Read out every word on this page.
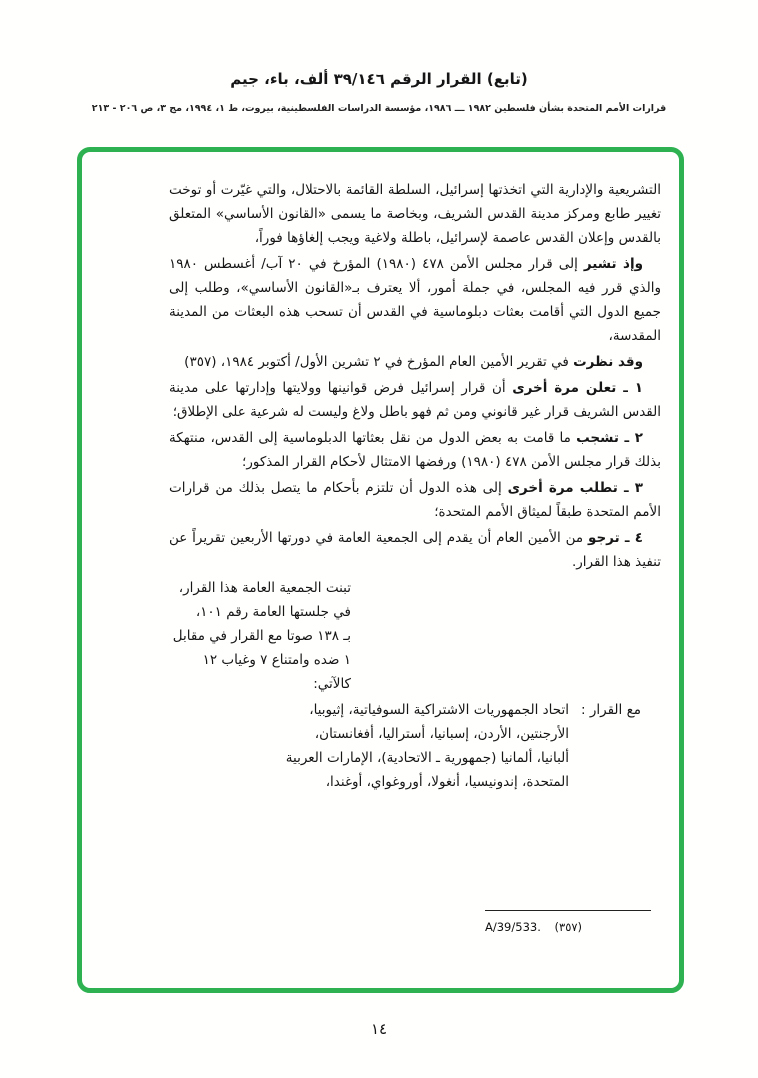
(تابع) القرار الرقم ٣٩/١٤٦ ألف، باء، جيم
قرارات الأمم المتحدة بشأن فلسطين ١٩٨٢ ـــ ١٩٨٦، مؤسسة الدراسات الفلسطينية، بيروت، ط ١، ١٩٩٤، مج ٣، ص ٢٠٦ - ٢١٣
التشريعية والإدارية التي اتخذتها إسرائيل، السلطة القائمة بالاحتلال، والتي غيّرت أو توخت تغيير طابع ومركز مدينة القدس الشريف، وبخاصة ما يسمى «القانون الأساسي» المتعلق بالقدس وإعلان القدس عاصمة لإسرائيل، باطلة ولاغية ويجب إلغاؤها فوراً،
وإذ تشير إلى قرار مجلس الأمن ٤٧٨ (١٩٨٠) المؤرخ في ٢٠ آب/ أغسطس ١٩٨٠ والذي قرر فيه المجلس، في جملة أمور، ألا يعترف بـ«القانون الأساسي»، وطلب إلى جميع الدول التي أقامت بعثات دبلوماسية في القدس أن تسحب هذه البعثات من المدينة المقدسة،
وقد نظرت في تقرير الأمين العام المؤرخ في ٢ تشرين الأول/ أكتوبر ١٩٨٤، (٣٥٧)
١ ـ تعلن مرة أخرى أن قرار إسرائيل فرض قوانينها وولايتها وإدارتها على مدينة القدس الشريف قرار غير قانوني ومن ثم فهو باطل ولاغ وليست له شرعية على الإطلاق؛
٢ ـ تشجب ما قامت به بعض الدول من نقل بعثاتها الدبلوماسية إلى القدس، منتهكة بذلك قرار مجلس الأمن ٤٧٨ (١٩٨٠) ورفضها الامتثال لأحكام القرار المذكور؛
٣ ـ تطلب مرة أخرى إلى هذه الدول أن تلتزم بأحكام ما يتصل بذلك من قرارات الأمم المتحدة طبقاً لميثاق الأمم المتحدة؛
٤ ـ ترجو من الأمين العام أن يقدم إلى الجمعية العامة في دورتها الأربعين تقريراً عن تنفيذ هذا القرار.
تبنت الجمعية العامة هذا القرار،
في جلستها العامة رقم ١٠١،
بـ ١٣٨ صوتا مع القرار في مقابل
١ ضده وامتناع ٧ وغياب ١٢
كالآتي:
مع القرار :
اتحاد الجمهوريات الاشتراكية السوفياتية، إثيوبيا،
الأرجنتين، الأردن، إسبانيا، أستراليا، أفغانستان،
ألبانيا، ألمانيا (جمهورية ـ الاتحادية)، الإمارات العربية
المتحدة، إندونيسيا، أنغولا، أوروغواي، أوغندا،
A/39/533. (٣٥٧)
١٤
